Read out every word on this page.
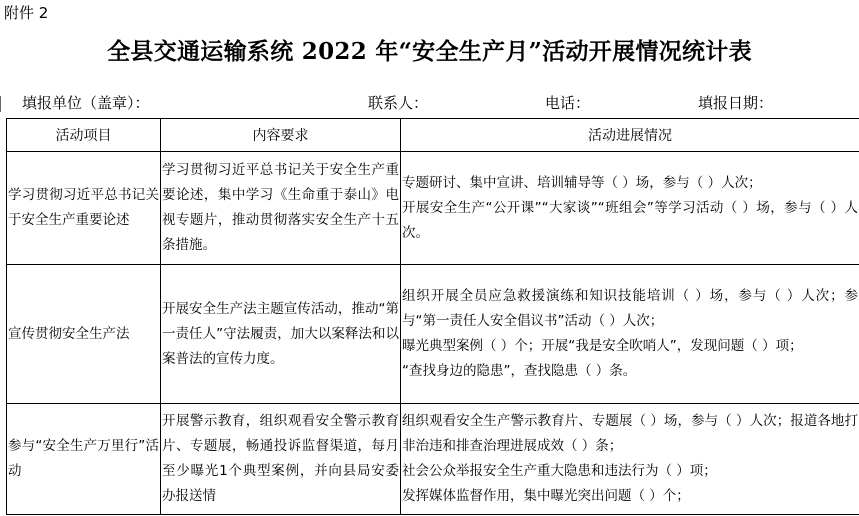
附件 2
全县交通运输系统 2022 年“安全生产月”活动开展情况统计表
填报单位（盖章）：	联系人：	电话：	填报日期：
活动项目	内容要求	活动进展情况

学习贯彻习近平总书记关于安全生产重要论述	学习贯彻习近平总书记关于安全生产重要论述，集中学习《生命重于泰山》电视专题片，推动贯彻落实安全生产十五条措施。	专题研讨、集中宣讲、培训辅导等（ ）场，参与（ ）人次；
开展安全生产“公开课”“大家谈”“班组会”等学习活动（ ）场，参与（ ）人次。

宣传贯彻安全生产法	开展安全生产法主题宣传活动，推动“第一责任人”守法履责，加大以案释法和以案普法的宣传力度。	组织开展全员应急救援演练和知识技能培训（ ）场，参与（ ）人次；参与“第一责任人安全倡议书”活动（ ）人次；
曝光典型案例（ ）个；开展“我是安全吹哨人”，发现问题（ ）项；
“查找身边的隐患”，查找隐患（ ）条。

参与“安全生产万里行”活动	开展警示教育，组织观看安全警示教育片、专题展，畅通投诉监督渠道，每月至少曝光1个典型案例，并向县局安委办报送情	组织观看安全生产警示教育片、专题展（ ）场，参与（ ）人次；报道各地打非治违和排查治理进展成效（ ）条；
社会公众举报安全生产重大隐患和违法行为（ ）项；
发挥媒体监督作用，集中曝光突出问题（ ）个；
